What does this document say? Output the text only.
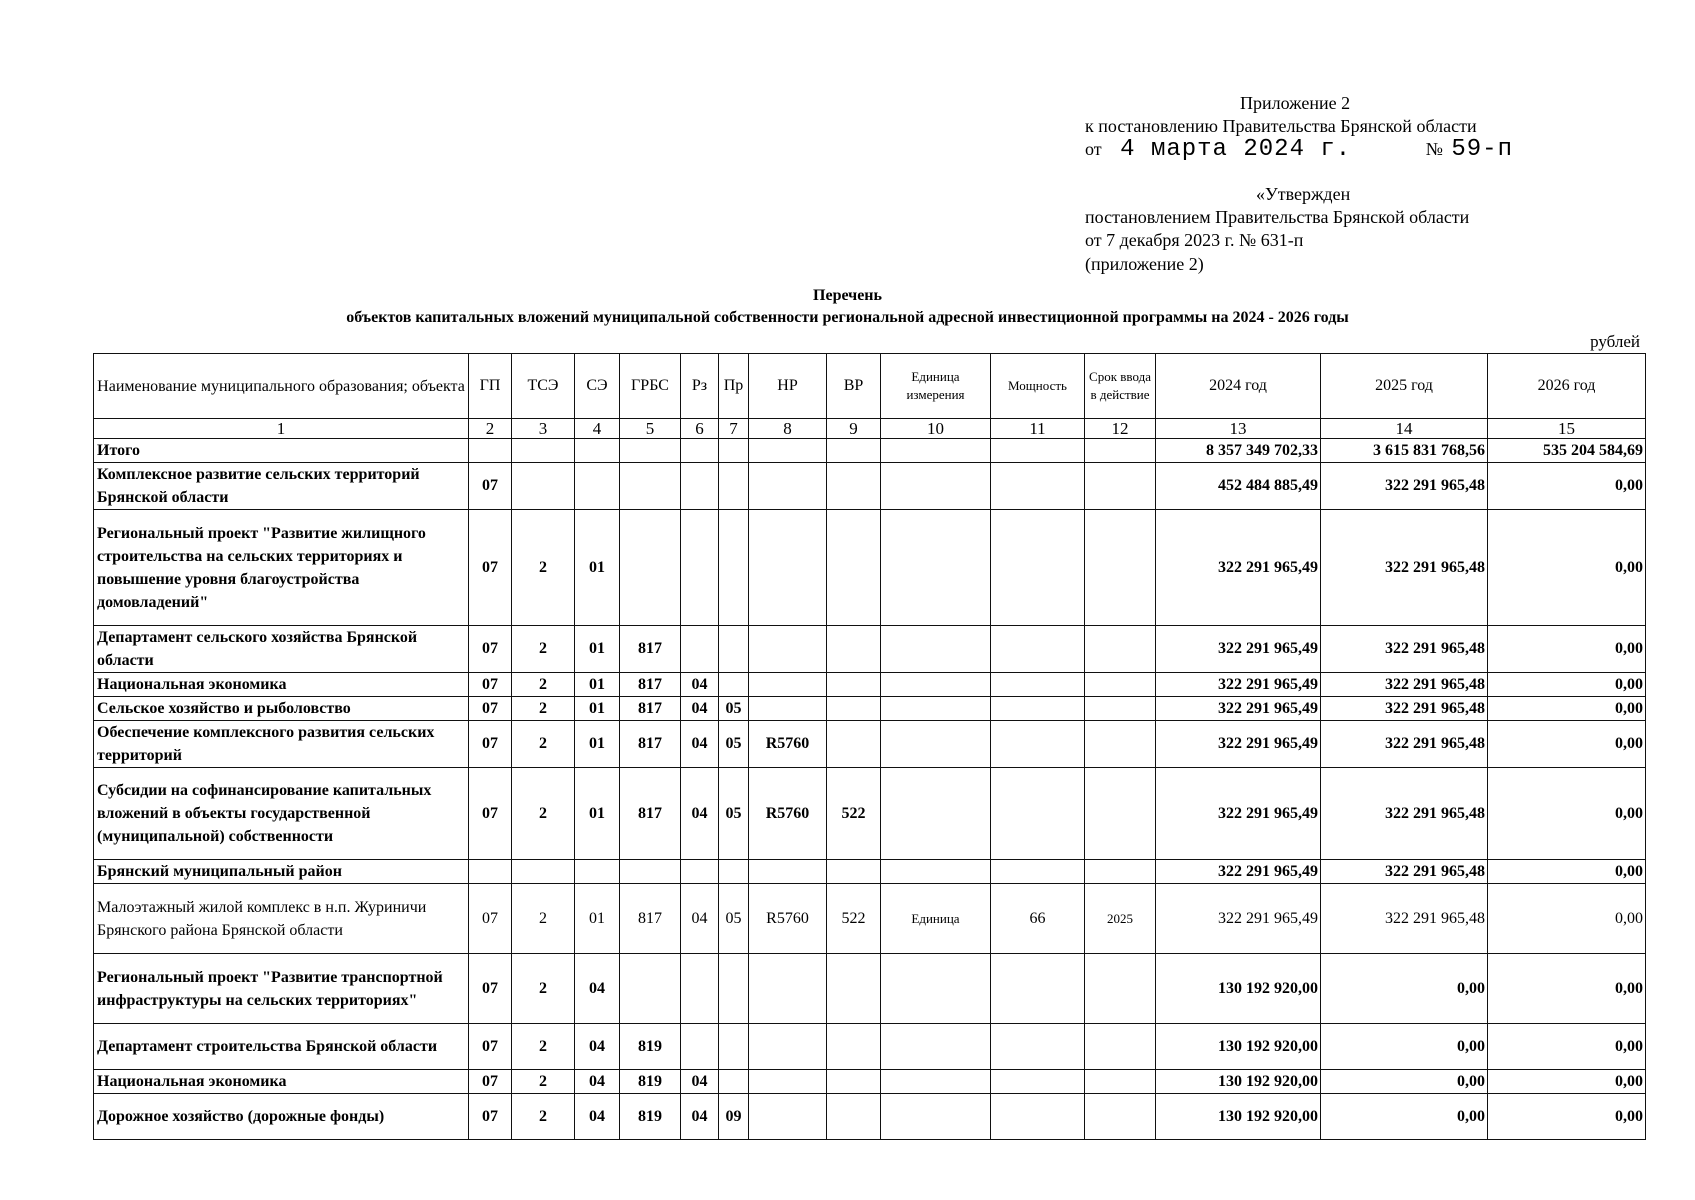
Приложение 2
к постановлению Правительства Брянской области
от 4 марта 2024 г.	№ 59-п
«Утвержден
постановлением Правительства Брянской области
от 7 декабря 2023 г. № 631-п
(приложение 2)
Перечень
объектов капитальных вложений муниципальной собственности региональной адресной инвестиционной программы на 2024 - 2026 годы
рублей
Наименование муниципального образования; объекта	ГП	ТСЭ	СЭ	ГРБС	Рз	Пр	НР	ВР	Единица измерения	Мощность	Срок ввода в действие	2024 год	2025 год	2026 год
1	2	3	4	5	6	7	8	9	10	11	12	13	14	15
Итого												8 357 349 702,33	3 615 831 768,56	535 204 584,69
Комплексное развитие сельских территорий Брянской области	07											452 484 885,49	322 291 965,48	0,00
Региональный проект "Развитие жилищного строительства на сельских территориях и повышение уровня благоустройства домовладений"	07	2	01									322 291 965,49	322 291 965,48	0,00
Департамент сельского хозяйства Брянской области	07	2	01	817								322 291 965,49	322 291 965,48	0,00
Национальная экономика	07	2	01	817	04							322 291 965,49	322 291 965,48	0,00
Сельское хозяйство и рыболовство	07	2	01	817	04	05						322 291 965,49	322 291 965,48	0,00
Обеспечение комплексного развития сельских территорий	07	2	01	817	04	05	R5760					322 291 965,49	322 291 965,48	0,00
Субсидии на софинансирование капитальных вложений в объекты государственной (муниципальной) собственности	07	2	01	817	04	05	R5760	522				322 291 965,49	322 291 965,48	0,00
Брянский муниципальный район												322 291 965,49	322 291 965,48	0,00
Малоэтажный жилой комплекс в н.п. Журиничи Брянского района Брянской области	07	2	01	817	04	05	R5760	522	Единица	66	2025	322 291 965,49	322 291 965,48	0,00
Региональный проект "Развитие транспортной инфраструктуры на сельских территориях"	07	2	04									130 192 920,00	0,00	0,00
Департамент строительства Брянской области	07	2	04	819								130 192 920,00	0,00	0,00
Национальная экономика	07	2	04	819	04							130 192 920,00	0,00	0,00
Дорожное хозяйство (дорожные фонды)	07	2	04	819	04	09						130 192 920,00	0,00	0,00
